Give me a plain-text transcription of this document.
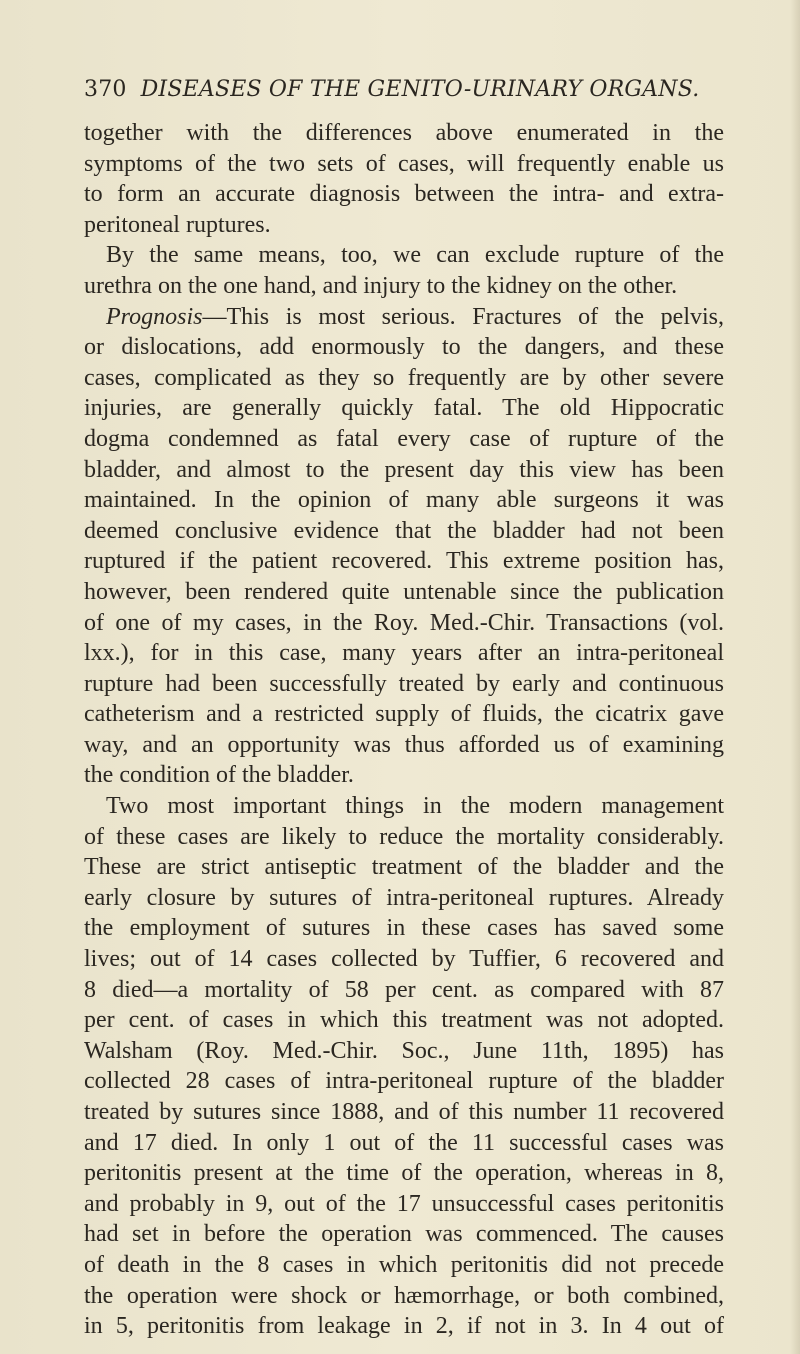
370 DISEASES OF THE GENITO-URINARY ORGANS.
together with the differences above enumerated in the
symptoms of the two sets of cases, will frequently enable us
to form an accurate diagnosis between the intra- and extra-
peritoneal ruptures.
By the same means, too, we can exclude rupture of the
urethra on the one hand, and injury to the kidney on the other.
Prognosis—This is most serious. Fractures of the pelvis,
or dislocations, add enormously to the dangers, and these
cases, complicated as they so frequently are by other severe
injuries, are generally quickly fatal. The old Hippocratic
dogma condemned as fatal every case of rupture of the
bladder, and almost to the present day this view has been
maintained. In the opinion of many able surgeons it was
deemed conclusive evidence that the bladder had not been
ruptured if the patient recovered. This extreme position has,
however, been rendered quite untenable since the publication
of one of my cases, in the Roy. Med.-Chir. Transactions (vol.
lxx.), for in this case, many years after an intra-peritoneal
rupture had been successfully treated by early and continuous
catheterism and a restricted supply of fluids, the cicatrix gave
way, and an opportunity was thus afforded us of examining
the condition of the bladder.
Two most important things in the modern management
of these cases are likely to reduce the mortality considerably.
These are strict antiseptic treatment of the bladder and the
early closure by sutures of intra-peritoneal ruptures. Already
the employment of sutures in these cases has saved some
lives; out of 14 cases collected by Tuffier, 6 recovered and
8 died—a mortality of 58 per cent. as compared with 87
per cent. of cases in which this treatment was not adopted.
Walsham (Roy. Med.-Chir. Soc., June 11th, 1895) has
collected 28 cases of intra-peritoneal rupture of the bladder
treated by sutures since 1888, and of this number 11 recovered
and 17 died. In only 1 out of the 11 successful cases was
peritonitis present at the time of the operation, whereas in 8,
and probably in 9, out of the 17 unsuccessful cases peritonitis
had set in before the operation was commenced. The causes
of death in the 8 cases in which peritonitis did not precede
the operation were shock or hæmorrhage, or both combined,
in 5, peritonitis from leakage in 2, if not in 3. In 4 out of
